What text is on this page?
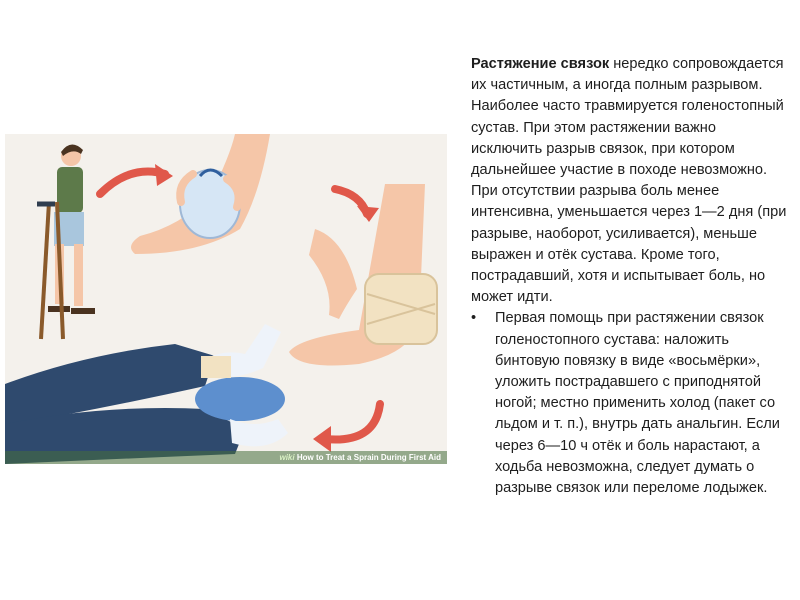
wiki How to Treat a Sprain During First Aid

Растяжение связок нередко сопровождается их частичным, а иногда полным разрывом. Наиболее часто травмируется голеностопный сустав. При этом растяжении важно исключить разрыв связок, при котором дальнейшее участие в походе невозможно. При отсутствии разрыва боль менее интенсивна, уменьшается через 1—2 дня (при разрыве, наоборот, усиливается), меньше выражен и отёк сустава. Кроме того, пострадавший, хотя и испытывает боль, но может идти.

• Первая помощь при растяжении связок голеностопного сустава: наложить бинтовую повязку в виде «восьмёрки», уложить пострадавшего с приподнятой ногой; местно применить холод (пакет со льдом и т. п.), внутрь дать анальгин. Если через 6—10 ч отёк и боль нарастают, а ходьба невозможна, следует думать о разрыве связок или переломе лодыжек.
